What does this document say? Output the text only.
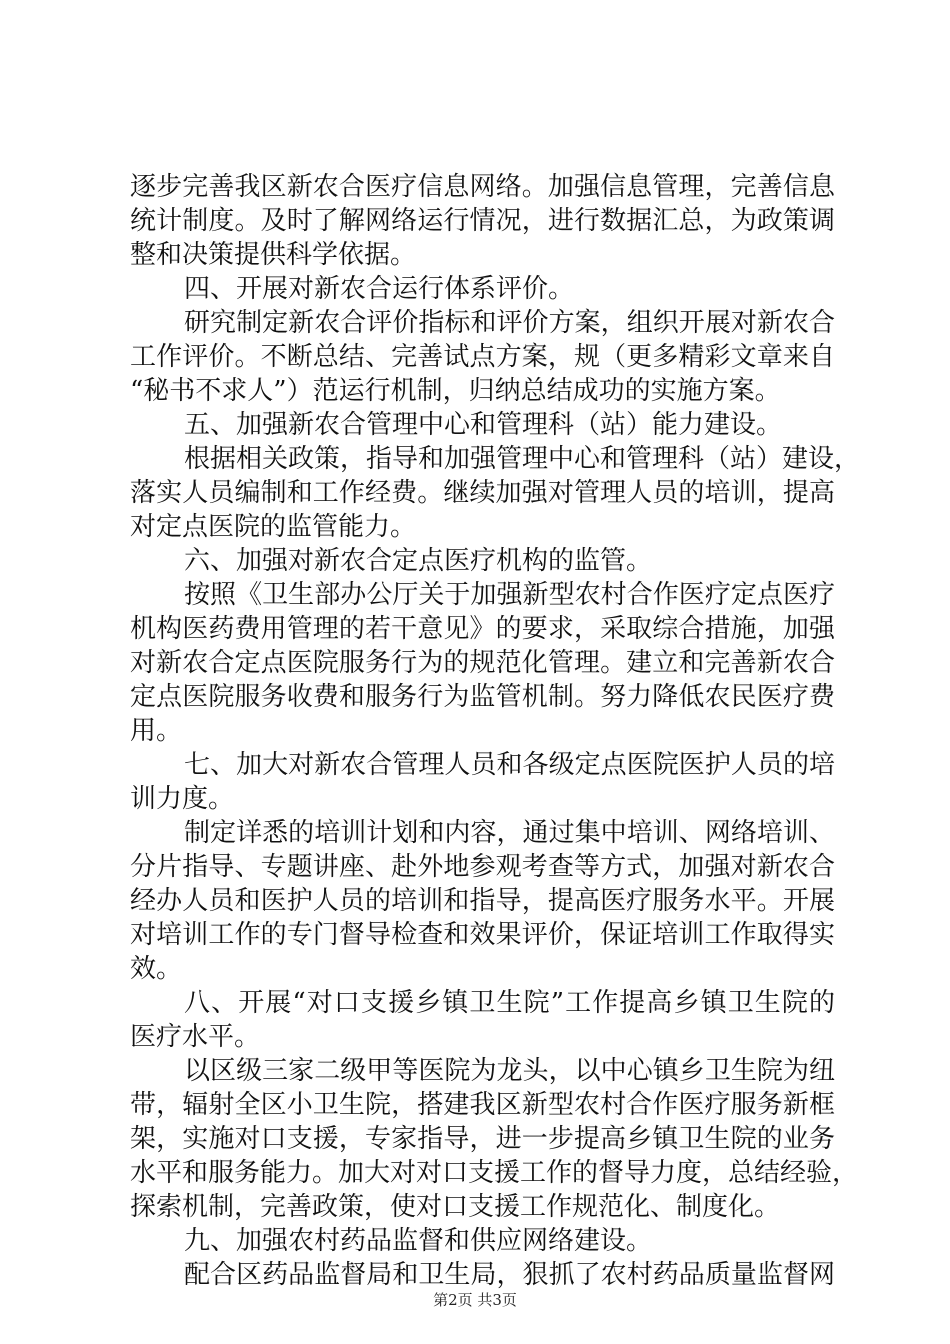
逐步完善我区新农合医疗信息网络。加强信息管理，完善信息
统计制度。及时了解网络运行情况，进行数据汇总，为政策调
整和决策提供科学依据。
四、开展对新农合运行体系评价。
研究制定新农合评价指标和评价方案，组织开展对新农合
工作评价。不断总结、完善试点方案，规（更多精彩文章来自
“秘书不求人”）范运行机制，归纳总结成功的实施方案。
五、加强新农合管理中心和管理科（站）能力建设。
根据相关政策，指导和加强管理中心和管理科（站）建设，
落实人员编制和工作经费。继续加强对管理人员的培训，提高
对定点医院的监管能力。
六、加强对新农合定点医疗机构的监管。
按照《卫生部办公厅关于加强新型农村合作医疗定点医疗
机构医药费用管理的若干意见》的要求，采取综合措施，加强
对新农合定点医院服务行为的规范化管理。建立和完善新农合
定点医院服务收费和服务行为监管机制。努力降低农民医疗费
用。
七、加大对新农合管理人员和各级定点医院医护人员的培
训力度。
制定详悉的培训计划和内容，通过集中培训、网络培训、
分片指导、专题讲座、赴外地参观考查等方式，加强对新农合
经办人员和医护人员的培训和指导，提高医疗服务水平。开展
对培训工作的专门督导检查和效果评价，保证培训工作取得实
效。
八、开展“对口支援乡镇卫生院”工作提高乡镇卫生院的
医疗水平。
以区级三家二级甲等医院为龙头，以中心镇乡卫生院为纽
带，辐射全区小卫生院，搭建我区新型农村合作医疗服务新框
架，实施对口支援，专家指导，进一步提高乡镇卫生院的业务
水平和服务能力。加大对对口支援工作的督导力度，总结经验，
探索机制，完善政策，使对口支援工作规范化、制度化。
九、加强农村药品监督和供应网络建设。
配合区药品监督局和卫生局，狠抓了农村药品质量监督网
第2页 共3页
